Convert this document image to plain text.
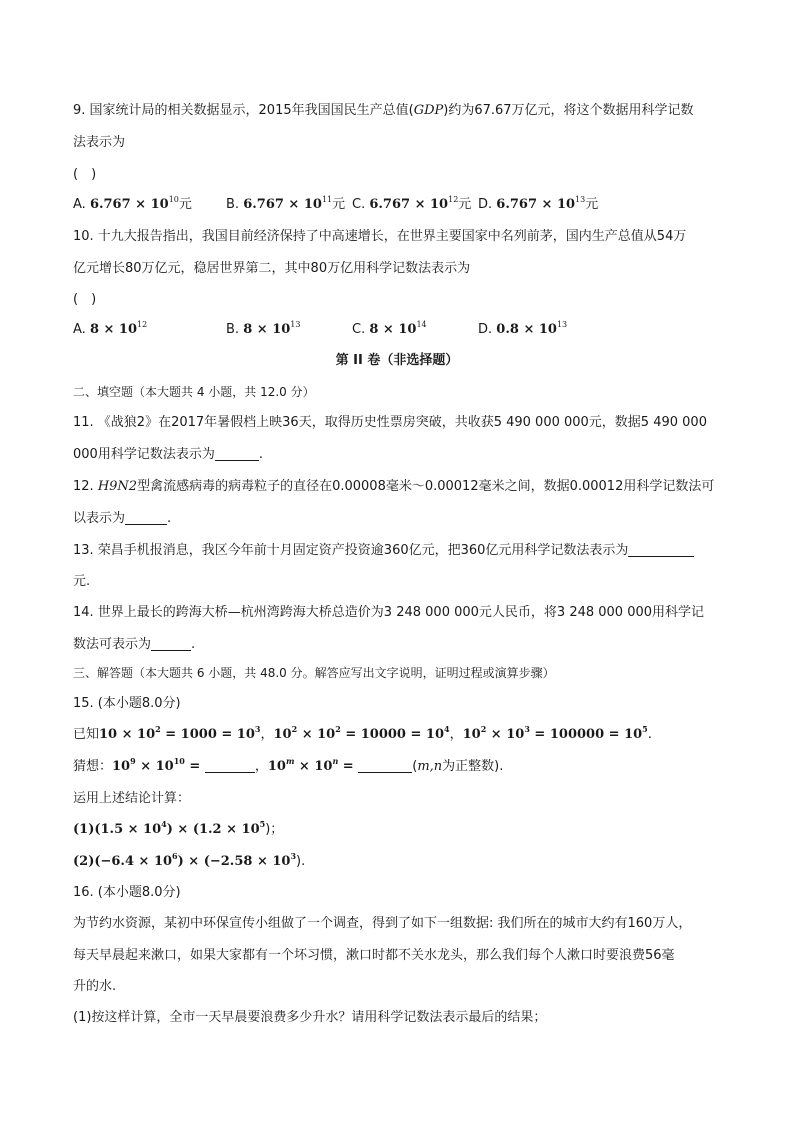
9. 国家统计局的相关数据显示，2015年我国国民生产总值(GDP)约为67.67万亿元，将这个数据用科学记数
法表示为
(　)
A. $6.767 \times 10^{10}$元	B. $6.767 \times 10^{11}$元 C. $6.767 \times 10^{12}$元 D. $6.767 \times 10^{13}$元
10. 十九大报告指出，我国目前经济保持了中高速增长，在世界主要国家中名列前茅，国内生产总值从54万
亿元增长80万亿元，稳居世界第二，其中80万亿用科学记数法表示为
(　)
A. $8 \times 10^{12}$	B. $8 \times 10^{13}$	C. $8 \times 10^{14}$	D. $0.8 \times 10^{13}$
第 II 卷（非选择题）
二、填空题（本大题共 4 小题，共 12.0 分）
11. 《战狼2》在2017年暑假档上映36天，取得历史性票房突破，共收获5 490 000 000元，数据5 490 000
000用科学记数法表示为	.
12. H9N2型禽流感病毒的病毒粒子的直径在0.00008毫米～0.00012毫米之间，数据0.00012用科学记数法可
以表示为	.
13. 荣昌手机报消息，我区今年前十月固定资产投资逾360亿元，把360亿元用科学记数法表示为
元.
14. 世界上最长的跨海大桥—杭州湾跨海大桥总造价为3 248 000 000元人民币，将3 248 000 000用科学记
数法可表示为	.
三、解答题（本大题共 6 小题，共 48.0 分。解答应写出文字说明，证明过程或演算步骤）
15. (本小题8.0分)
已知$10 \times 10^2 = 1000 = 10^3$，$10^2 \times 10^2 = 10000 = 10^4$，$10^2 \times 10^3 = 100000 = 10^5$.
猜想：$10^9 \times 10^{10}$ =	，$10^m \times 10^n$ =	(m,n为正整数).
运用上述结论计算：
$(1)(1.5 \times 10^4) \times (1.2 \times 10^5)$；
$(2)(-6.4 \times 10^6) \times (-2.58 \times 10^3)$.
16. (本小题8.0分)
为节约水资源，某初中环保宣传小组做了一个调查，得到了如下一组数据: 我们所在的城市大约有160万人，
每天早晨起来漱口，如果大家都有一个坏习惯，漱口时都不关水龙头，那么我们每个人漱口时要浪费56毫
升的水.
(1)按这样计算，全市一天早晨要浪费多少升水？请用科学记数法表示最后的结果；
